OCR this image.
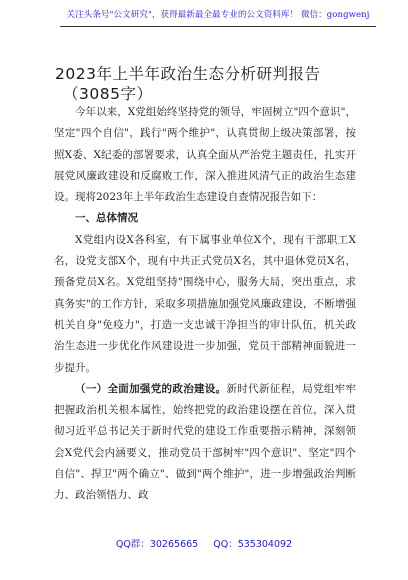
关注头条号"公文研究"，获得最新最全最专业的公文资料库！ 微信：gongwenj
2023年上半年政治生态分析研判报告
（3085字）

今年以来，X党组始终坚持党的领导，牢固树立"四个意识"，坚定"四个自信"，践行"两个维护"，认真贯彻上级决策部署，按照X委、X纪委的部署要求，认真全面从严治党主题责任，扎实开展党风廉政建设和反腐败工作，深入推进风清气正的政治生态建设。现将2023年上半年政治生态建设自查情况报告如下：

一、总体情况

X党组内设X各科室，有下属事业单位X个，现有干部职工X名，设党支部X个，现有中共正式党员X名，其中退休党员X名，预备党员X名。X党组坚持"围绕中心，服务大局，突出重点，求真务实"的工作方针，采取多项措施加强党风廉政建设，不断增强机关自身"免疫力"，打造一支忠诚干净担当的审计队伍，机关政治生态进一步优化作风建设进一步加强，党员干部精神面貌进一步提升。

（一）全面加强党的政治建设。新时代新征程，局党组牢牢把握政治机关根本属性，始终把党的政治建设摆在首位，深入贯彻习近平总书记关于新时代党的建设工作重要指示精神，深刻领会X党代会内涵要义，推动党员干部树牢"四个意识"、坚定"四个自信"、捍卫"两个确立"、做到"两个维护"，进一步增强政治判断力、政治领悟力、政

QQ群：30265665 QQ：535304092
